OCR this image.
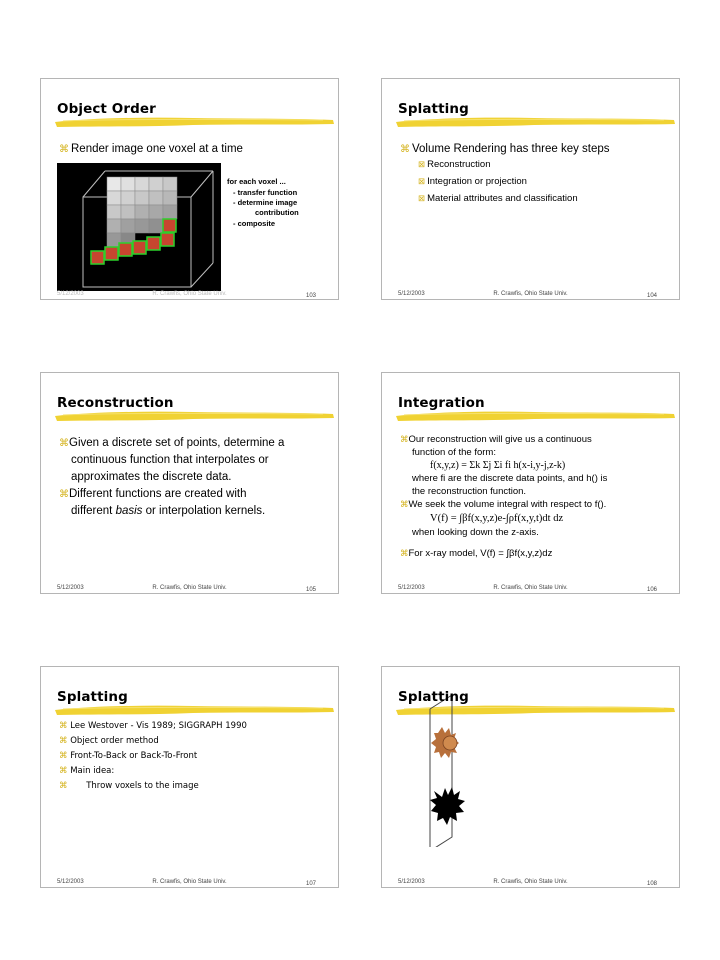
Object Order
⌘ Render image one voxel at a time
for each voxel ...
- transfer function
- determine image
contribution
- composite
5/12/2003	R. Crawfis, Ohio State Univ.	103
Splatting
⌘ Volume Rendering has three key steps
⊠ Reconstruction
⊠ Integration or projection
⊠ Material attributes and classification
5/12/2003	R. Crawfis, Ohio State Univ.	104
Reconstruction
⌘Given a discrete set of points, determine a
continuous function that interpolates or
approximates the discrete data.
⌘Different functions are created with
different basis or interpolation kernels.
5/12/2003	R. Crawfis, Ohio State Univ.	105
Integration
⌘Our reconstruction will give us a continuous
function of the form:
f(x,y,z) = Σk Σj Σi fi h(x-i,y-j,z-k)
where fi are the discrete data points, and h() is
the reconstruction function.
⌘We seek the volume integral with respect to f().
V(f) = ∫βf(x,y,z)e-∫ρf(x,y,t)dt dz
when looking down the z-axis.
⌘For x-ray model, V(f) = ∫βf(x,y,z)dz
5/12/2003	R. Crawfis, Ohio State Univ.	106
Splatting
⌘ Lee Westover - Vis 1989; SIGGRAPH 1990
⌘ Object order method
⌘ Front-To-Back or Back-To-Front
⌘ Main idea:
⌘ Throw voxels to the image
5/12/2003	R. Crawfis, Ohio State Univ.	107
Splatting
5/12/2003	R. Crawfis, Ohio State Univ.	108
